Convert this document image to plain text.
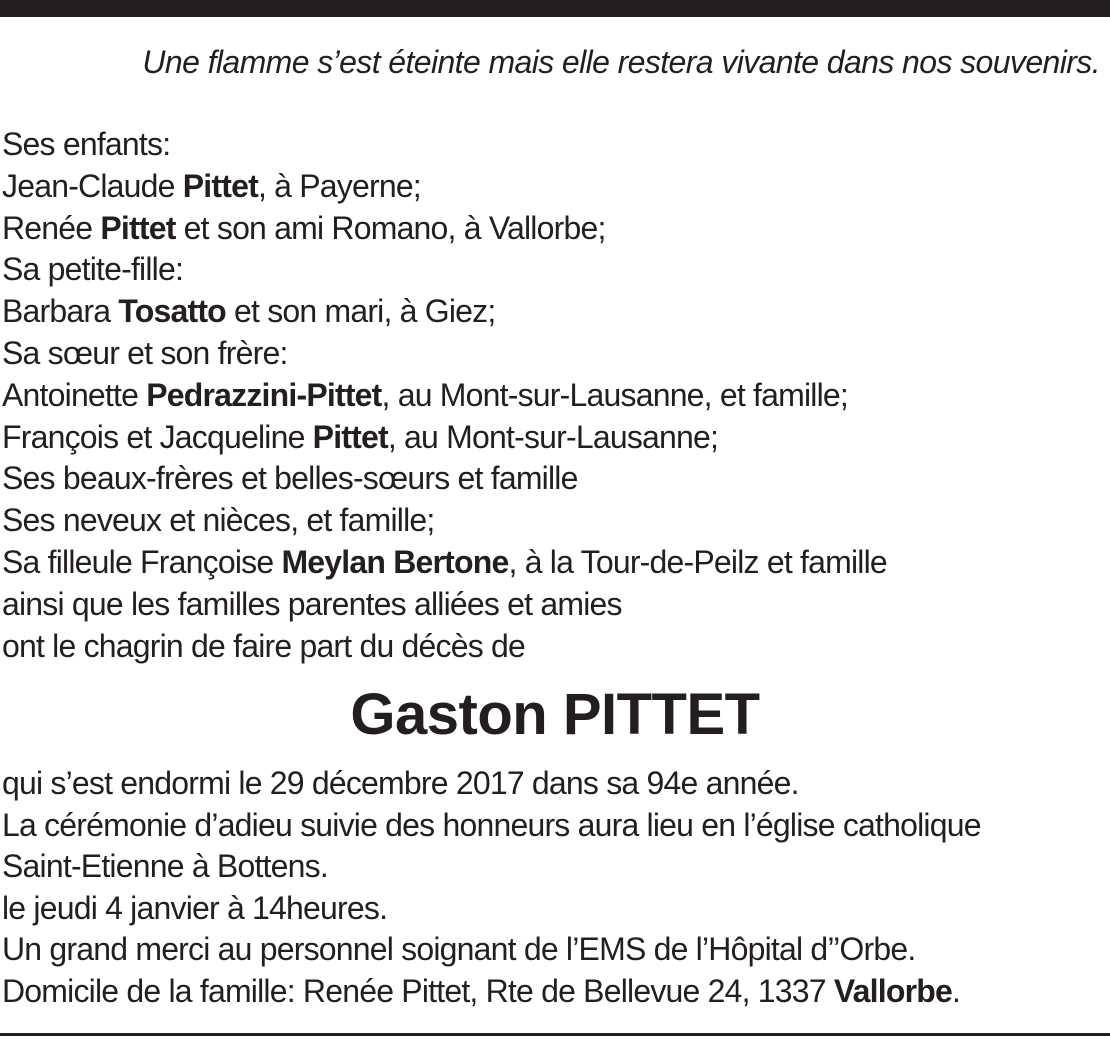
Une flamme s’est éteinte mais elle restera vivante dans nos souvenirs.
Ses enfants:
Jean-Claude Pittet, à Payerne;
Renée Pittet et son ami Romano, à Vallorbe;
Sa petite-fille:
Barbara Tosatto et son mari, à Giez;
Sa sœur et son frère:
Antoinette Pedrazzini-Pittet, au Mont-sur-Lausanne, et famille;
François et Jacqueline Pittet, au Mont-sur-Lausanne;
Ses beaux-frères et belles-sœurs et famille
Ses neveux et nièces, et famille;
Sa filleule Françoise Meylan Bertone, à la Tour-de-Peilz et famille
ainsi que les familles parentes alliées et amies
ont le chagrin de faire part du décès de
Gaston PITTET
qui s’est endormi le 29 décembre 2017 dans sa 94e année.
La cérémonie d’adieu suivie des honneurs aura lieu en l’église catholique
Saint-Etienne à Bottens.
le jeudi 4 janvier à 14heures.
Un grand merci au personnel soignant de l’EMS de l’Hôpital d’’Orbe.
Domicile de la famille: Renée Pittet, Rte de Bellevue 24, 1337 Vallorbe.
